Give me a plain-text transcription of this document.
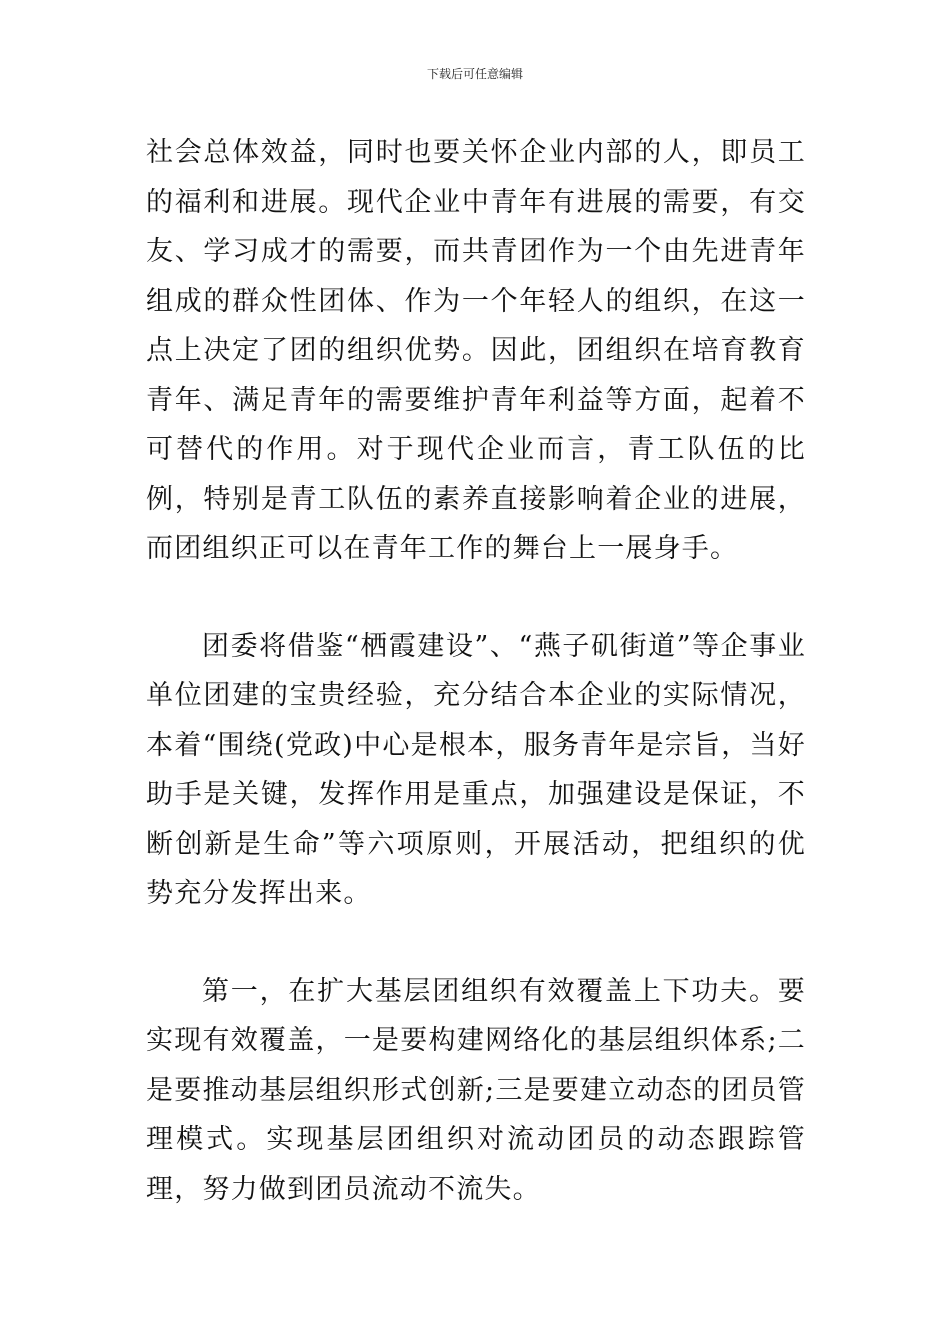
下载后可任意编辑

社会总体效益，同时也要关怀企业内部的人，即员工的福利和进展。现代企业中青年有进展的需要，有交友、学习成才的需要，而共青团作为一个由先进青年组成的群众性团体、作为一个年轻人的组织，在这一点上决定了团的组织优势。因此，团组织在培育教育青年、满足青年的需要维护青年利益等方面，起着不可替代的作用。对于现代企业而言，青工队伍的比例，特别是青工队伍的素养直接影响着企业的进展，而团组织正可以在青年工作的舞台上一展身手。

团委将借鉴“栖霞建设”、“燕子矶街道”等企事业单位团建的宝贵经验，充分结合本企业的实际情况，本着“围绕(党政)中心是根本，服务青年是宗旨，当好助手是关键，发挥作用是重点，加强建设是保证，不断创新是生命”等六项原则，开展活动，把组织的优势充分发挥出来。

第一，在扩大基层团组织有效覆盖上下功夫。要实现有效覆盖，一是要构建网络化的基层组织体系;二是要推动基层组织形式创新;三是要建立动态的团员管理模式。实现基层团组织对流动团员的动态跟踪管理，努力做到团员流动不流失。
